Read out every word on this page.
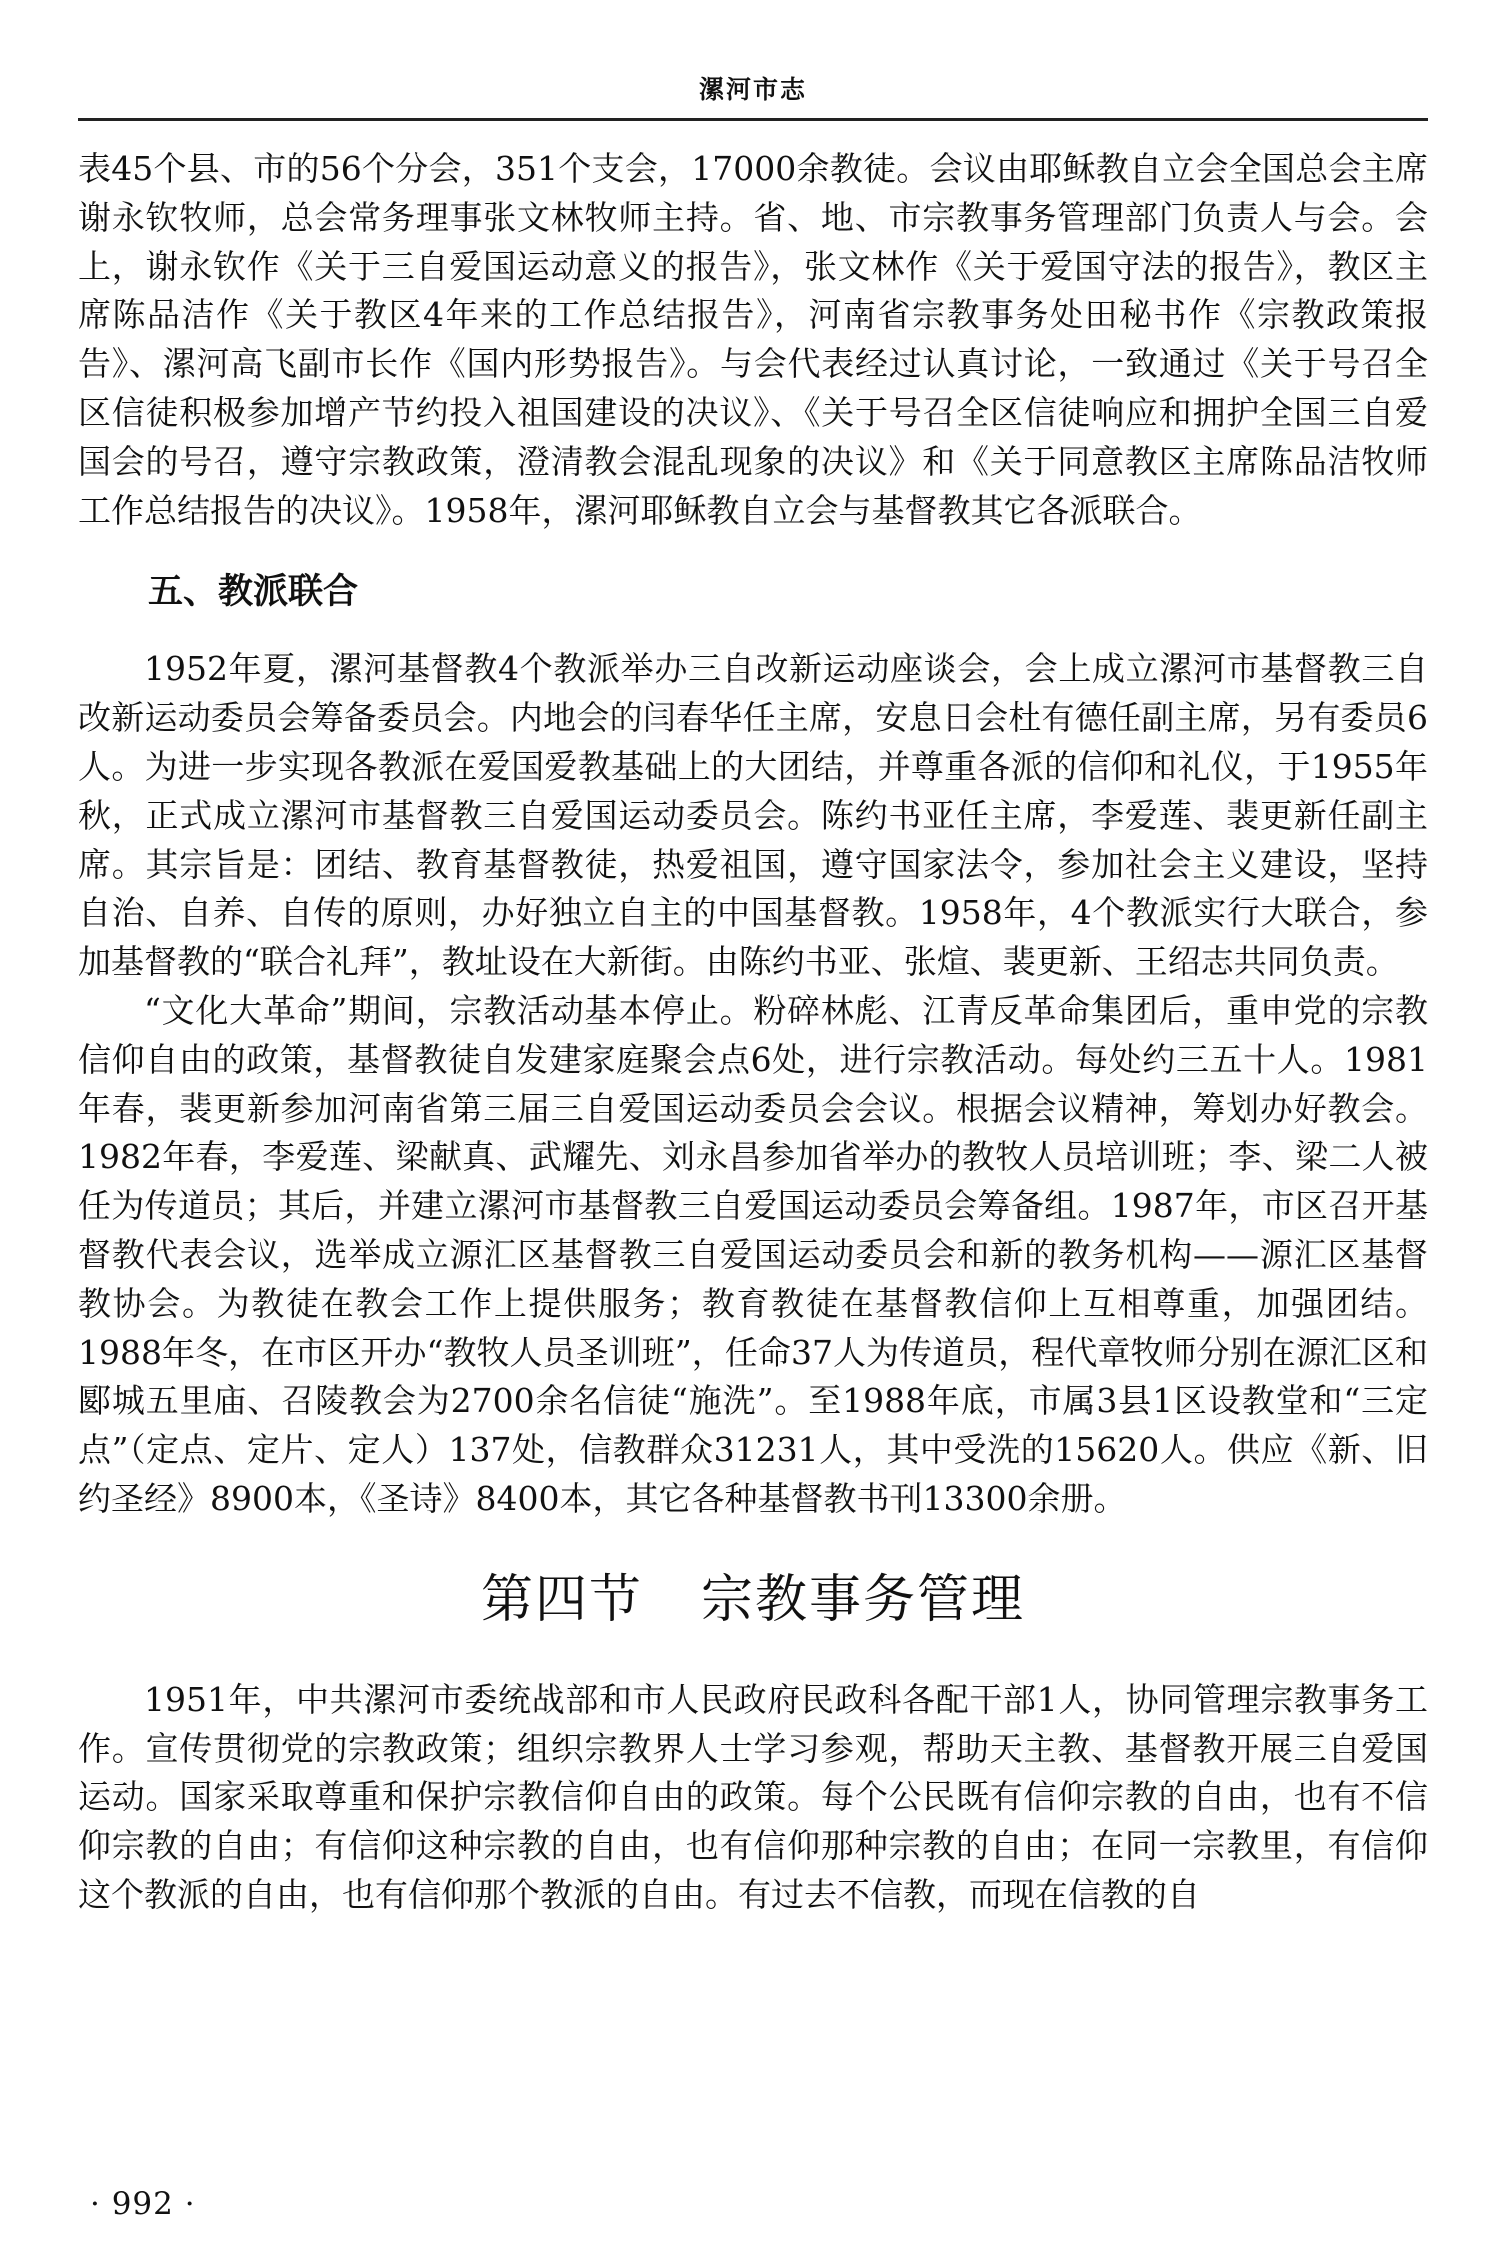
漯河市志

表45个县、市的56个分会，351个支会，17000余教徒。会议由耶稣教自立会全国总会主席谢永钦牧师，总会常务理事张文林牧师主持。省、地、市宗教事务管理部门负责人与会。会上，谢永钦作《关于三自爱国运动意义的报告》，张文林作《关于爱国守法的报告》，教区主席陈品洁作《关于教区4年来的工作总结报告》，河南省宗教事务处田秘书作《宗教政策报告》、漯河高飞副市长作《国内形势报告》。与会代表经过认真讨论，一致通过《关于号召全区信徒积极参加增产节约投入祖国建设的决议》、《关于号召全区信徒响应和拥护全国三自爱国会的号召，遵守宗教政策，澄清教会混乱现象的决议》和《关于同意教区主席陈品洁牧师工作总结报告的决议》。1958年，漯河耶稣教自立会与基督教其它各派联合。

五、教派联合

1952年夏，漯河基督教4个教派举办三自改新运动座谈会，会上成立漯河市基督教三自改新运动委员会筹备委员会。内地会的闫春华任主席，安息日会杜有德任副主席，另有委员6人。为进一步实现各教派在爱国爱教基础上的大团结，并尊重各派的信仰和礼仪，于1955年秋，正式成立漯河市基督教三自爱国运动委员会。陈约书亚任主席，李爱莲、裴更新任副主席。其宗旨是：团结、教育基督教徒，热爱祖国，遵守国家法令，参加社会主义建设，坚持自治、自养、自传的原则，办好独立自主的中国基督教。1958年，4个教派实行大联合，参加基督教的“联合礼拜”，教址设在大新街。由陈约书亚、张煊、裴更新、王绍志共同负责。

“文化大革命”期间，宗教活动基本停止。粉碎林彪、江青反革命集团后，重申党的宗教信仰自由的政策，基督教徒自发建家庭聚会点6处，进行宗教活动。每处约三五十人。1981年春，裴更新参加河南省第三届三自爱国运动委员会会议。根据会议精神，筹划办好教会。1982年春，李爱莲、梁献真、武耀先、刘永昌参加省举办的教牧人员培训班；李、梁二人被任为传道员；其后，并建立漯河市基督教三自爱国运动委员会筹备组。1987年，市区召开基督教代表会议，选举成立源汇区基督教三自爱国运动委员会和新的教务机构——源汇区基督教协会。为教徒在教会工作上提供服务；教育教徒在基督教信仰上互相尊重，加强团结。1988年冬，在市区开办“教牧人员圣训班”，任命37人为传道员，程代章牧师分别在源汇区和郾城五里庙、召陵教会为2700余名信徒“施洗”。至1988年底，市属3县1区设教堂和“三定点”（定点、定片、定人）137处，信教群众31231人，其中受洗的15620人。供应《新、旧约圣经》8900本，《圣诗》8400本，其它各种基督教书刊13300余册。

第四节 宗教事务管理

1951年，中共漯河市委统战部和市人民政府民政科各配干部1人，协同管理宗教事务工作。宣传贯彻党的宗教政策；组织宗教界人士学习参观，帮助天主教、基督教开展三自爱国运动。国家采取尊重和保护宗教信仰自由的政策。每个公民既有信仰宗教的自由，也有不信仰宗教的自由；有信仰这种宗教的自由，也有信仰那种宗教的自由；在同一宗教里，有信仰这个教派的自由，也有信仰那个教派的自由。有过去不信教，而现在信教的自

· 992 ·
